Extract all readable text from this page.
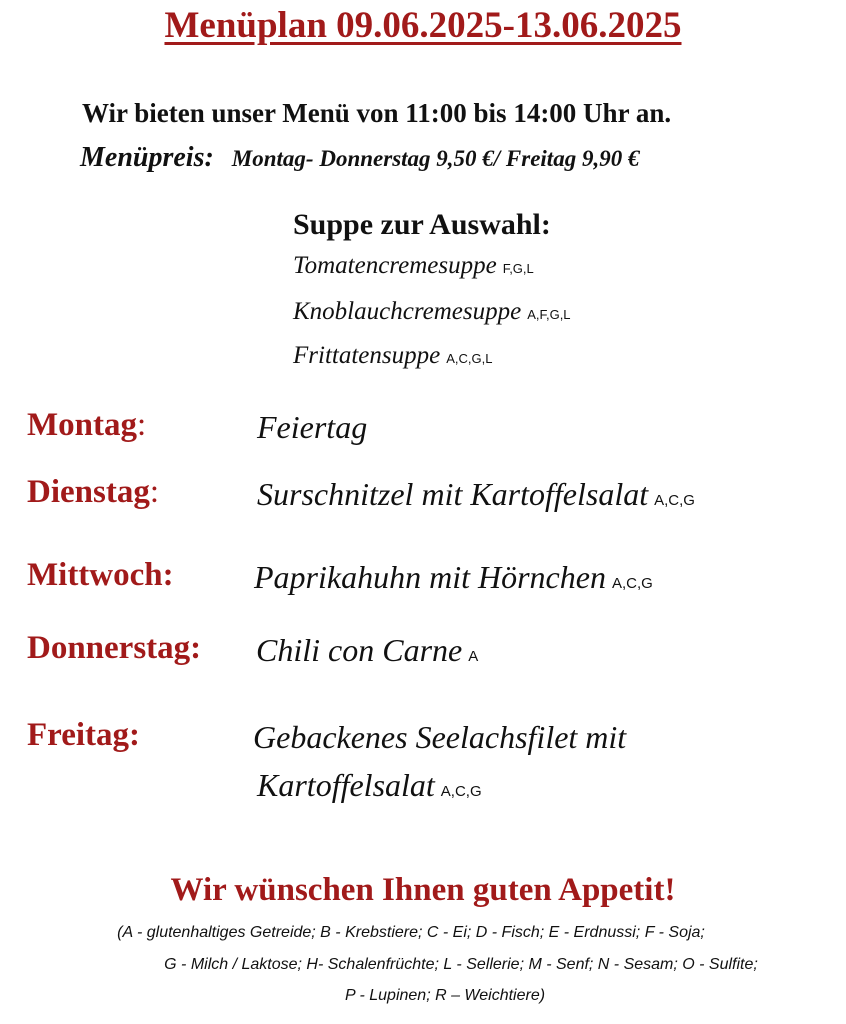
Menüplan 09.06.2025-13.06.2025
Wir bieten unser Menü von 11:00 bis 14:00 Uhr an.
Menüpreis: Montag- Donnerstag 9,50 €/ Freitag 9,90 €
Suppe zur Auswahl:
Tomatencremesuppe F,G,L
Knoblauchcremesuppe A,F,G,L
Frittatensuppe A,C,G,L
Montag:	Feiertag
Dienstag:	Surschnitzel mit Kartoffelsalat A,C,G
Mittwoch:	Paprikahuhn mit Hörnchen A,C,G
Donnerstag: Chili con Carne A
Freitag:	Gebackenes Seelachsfilet mit
Kartoffelsalat A,C,G
Wir wünschen Ihnen guten Appetit!
(A - glutenhaltiges Getreide; B - Krebstiere; C - Ei; D - Fisch; E - Erdnussi; F - Soja;
G - Milch / Laktose; H- Schalenfrüchte; L - Sellerie; M - Senf; N - Sesam; O - Sulfite;
P - Lupinen; R – Weichtiere)
